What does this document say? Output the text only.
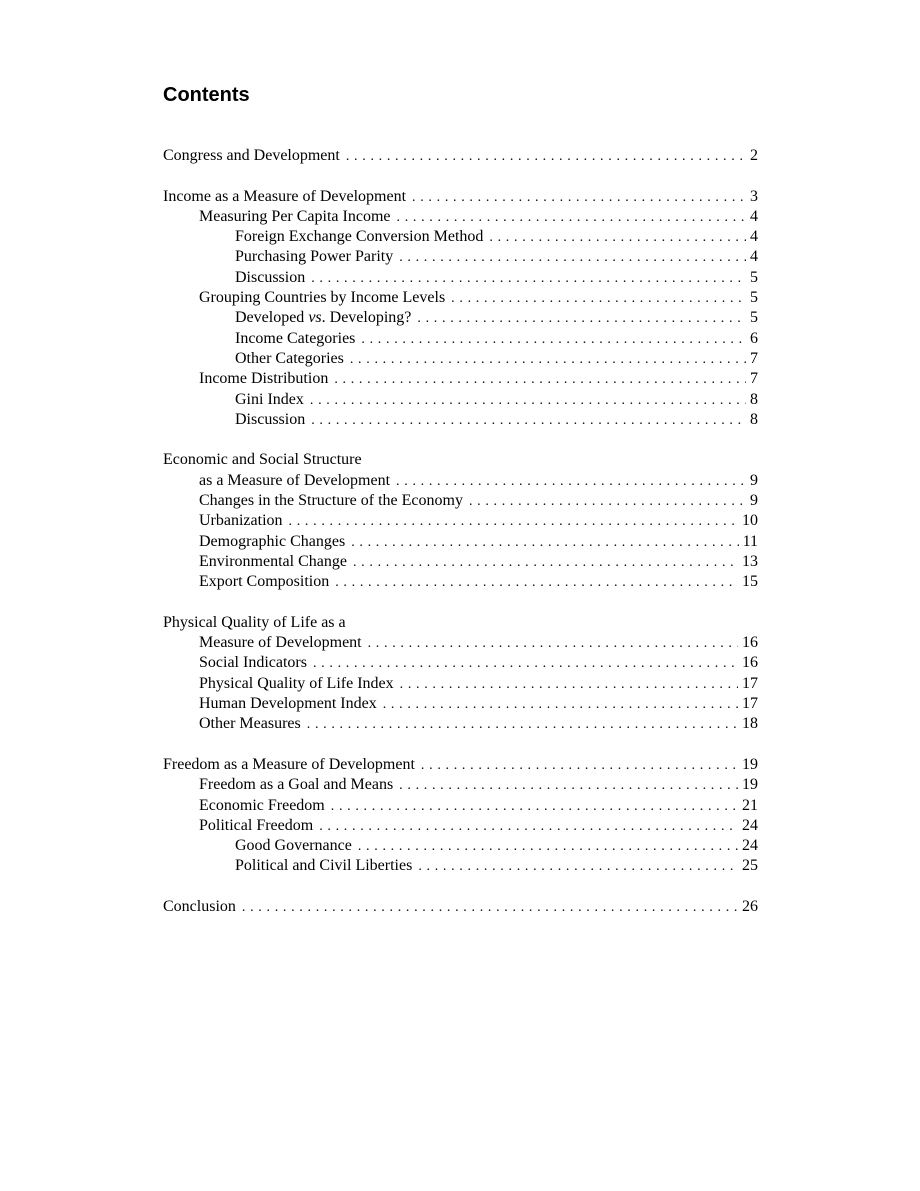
Contents
Congress and Development . . .	2
Income as a Measure of Development . . .	3
Measuring Per Capita Income . . .	4
Foreign Exchange Conversion Method . . .	4
Purchasing Power Parity . . .	4
Discussion . . .	5
Grouping Countries by Income Levels . . .	5
Developed vs. Developing? . . .	5
Income Categories . . .	6
Other Categories . . .	7
Income Distribution . . .	7
Gini Index . . .	8
Discussion . . .	8
Economic and Social Structure
as a Measure of Development . . .	9
Changes in the Structure of the Economy . . .	9
Urbanization . . .	10
Demographic Changes . . .	11
Environmental Change . . .	13
Export Composition . . .	15
Physical Quality of Life as a
Measure of Development . . .	16
Social Indicators . . .	16
Physical Quality of Life Index . . .	17
Human Development Index . . .	17
Other Measures . . .	18
Freedom as a Measure of Development . . .	19
Freedom as a Goal and Means . . .	19
Economic Freedom . . .	21
Political Freedom . . .	24
Good Governance . . .	24
Political and Civil Liberties . . .	25
Conclusion . . .	26
